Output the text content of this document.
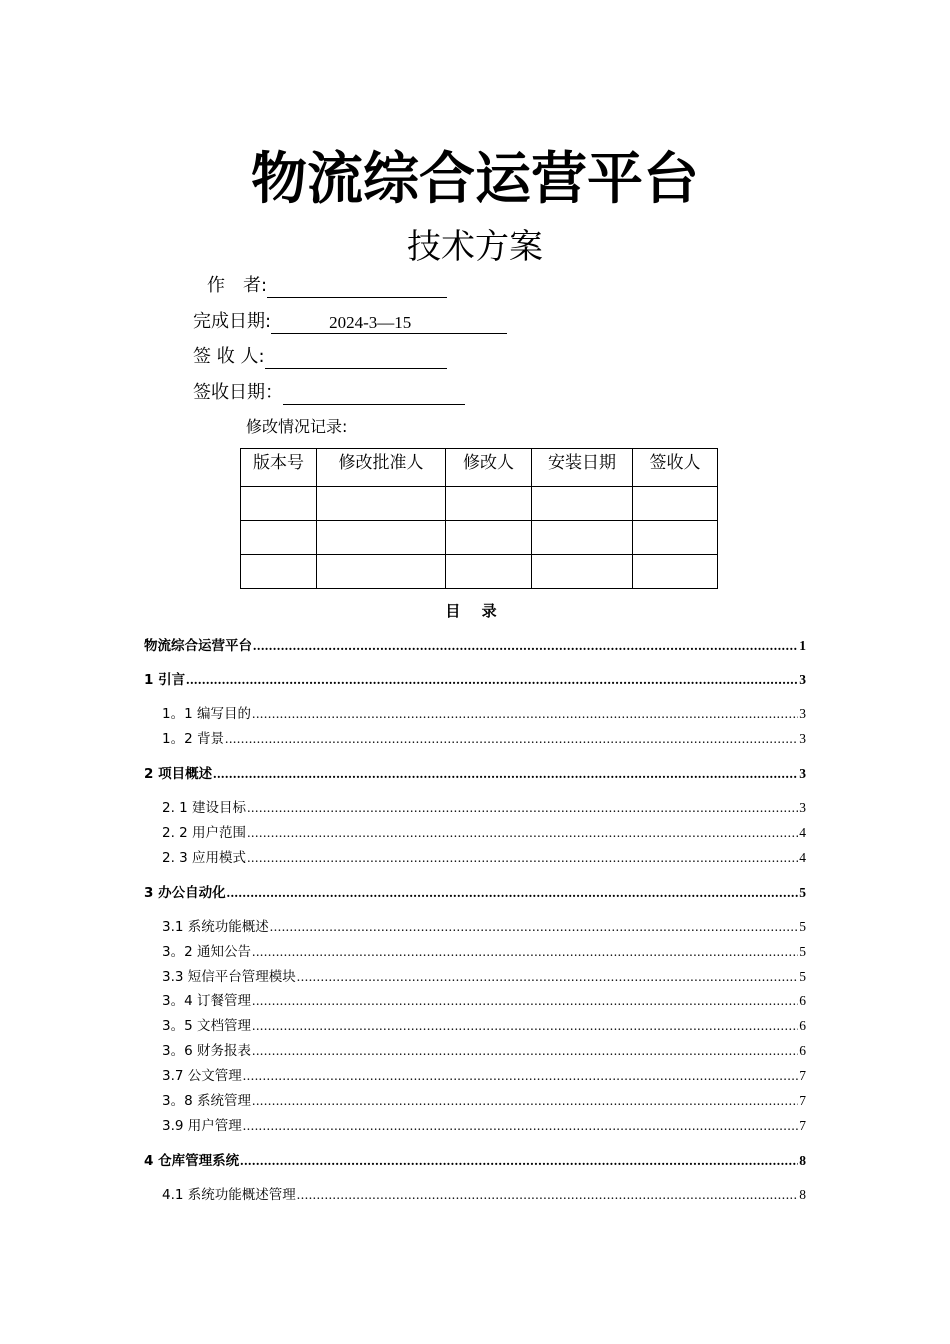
物流综合运营平台
技术方案
作　者:
完成日期:	2024-3—15
签 收 人:
签收日期：
修改情况记录:
版本号	修改批准人	修改人	安装日期	签收人

目 录
物流综合运营平台 .....	1
1 引言 .....	3
1。1 编写目的 .....	3
1。2 背景 .....	3
2 项目概述 .....	3
2. 1 建设目标 .....	3
2. 2 用户范围 .....	4
2. 3 应用模式 .....	4
3 办公自动化 .....	5
3.1 系统功能概述 .....	5
3。2 通知公告 .....	5
3.3 短信平台管理模块 .....	5
3。4 订餐管理 .....	6
3。5 文档管理 .....	6
3。6 财务报表 .....	6
3.7 公文管理 .....	7
3。8 系统管理 .....	7
3.9 用户管理 .....	7
4 仓库管理系统 .....	8
4.1 系统功能概述管理 .....	8
